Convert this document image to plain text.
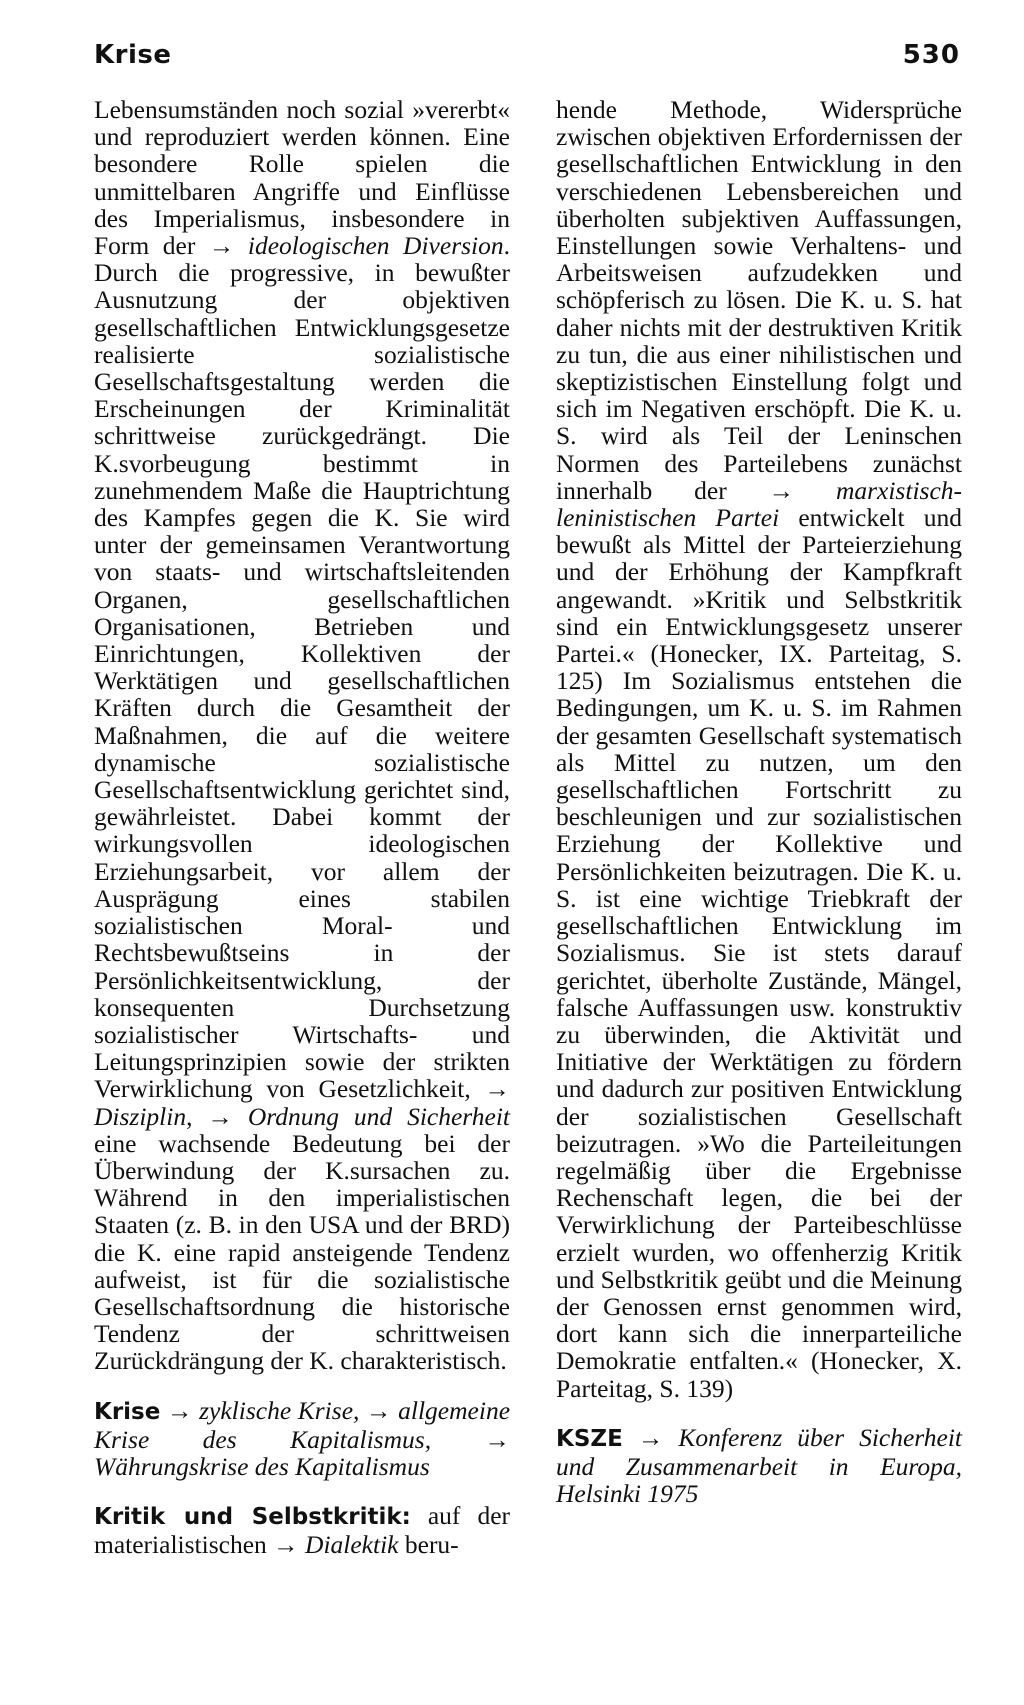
Krise	530

Lebensumständen noch sozial »vererbt« und reproduziert werden können. Eine besondere Rolle spielen die unmittelbaren Angriffe und Einflüsse des Imperialismus, insbesondere in Form der → ideologischen Diversion. Durch die progressive, in bewußter Ausnutzung der objektiven gesellschaftlichen Entwicklungsgesetze realisierte sozialistische Gesellschaftsgestaltung werden die Erscheinungen der Kriminalität schrittweise zurückgedrängt. Die K.svorbeugung bestimmt in zunehmendem Maße die Hauptrichtung des Kampfes gegen die K. Sie wird unter der gemeinsamen Verantwortung von staats- und wirtschaftsleitenden Organen, gesellschaftlichen Organisationen, Betrieben und Einrichtungen, Kollektiven der Werktätigen und gesellschaftlichen Kräften durch die Gesamtheit der Maßnahmen, die auf die weitere dynamische sozialistische Gesellschaftsentwicklung gerichtet sind, gewährleistet. Dabei kommt der wirkungsvollen ideologischen Erziehungsarbeit, vor allem der Ausprägung eines stabilen sozialistischen Moral- und Rechtsbewußtseins in der Persönlichkeitsentwicklung, der konsequenten Durchsetzung sozialistischer Wirtschafts- und Leitungsprinzipien sowie der strikten Verwirklichung von Gesetzlichkeit, → Disziplin, → Ordnung und Sicherheit eine wachsende Bedeutung bei der Überwindung der K.sursachen zu. Während in den imperialistischen Staaten (z. B. in den USA und der BRD) die K. eine rapid ansteigende Tendenz aufweist, ist für die sozialistische Gesellschaftsordnung die historische Tendenz der schrittweisen Zurückdrängung der K. charakteristisch.

Krise → zyklische Krise, → allgemeine Krise des Kapitalismus, → Währungskrise des Kapitalismus

Kritik und Selbstkritik: auf der materialistischen → Dialektik beru-

hende Methode, Widersprüche zwischen objektiven Erfordernissen der gesellschaftlichen Entwicklung in den verschiedenen Lebensbereichen und überholten subjektiven Auffassungen, Einstellungen sowie Verhaltens- und Arbeitsweisen aufzudekken und schöpferisch zu lösen. Die K. u. S. hat daher nichts mit der destruktiven Kritik zu tun, die aus einer nihilistischen und skeptizistischen Einstellung folgt und sich im Negativen erschöpft. Die K. u. S. wird als Teil der Leninschen Normen des Parteilebens zunächst innerhalb der → marxistisch-leninistischen Partei entwickelt und bewußt als Mittel der Parteierziehung und der Erhöhung der Kampfkraft angewandt. »Kritik und Selbstkritik sind ein Entwicklungsgesetz unserer Partei.« (Honecker, IX. Parteitag, S. 125) Im Sozialismus entstehen die Bedingungen, um K. u. S. im Rahmen der gesamten Gesellschaft systematisch als Mittel zu nutzen, um den gesellschaftlichen Fortschritt zu beschleunigen und zur sozialistischen Erziehung der Kollektive und Persönlichkeiten beizutragen. Die K. u. S. ist eine wichtige Triebkraft der gesellschaftlichen Entwicklung im Sozialismus. Sie ist stets darauf gerichtet, überholte Zustände, Mängel, falsche Auffassungen usw. konstruktiv zu überwinden, die Aktivität und Initiative der Werktätigen zu fördern und dadurch zur positiven Entwicklung der sozialistischen Gesellschaft beizutragen. »Wo die Parteileitungen regelmäßig über die Ergebnisse Rechenschaft legen, die bei der Verwirklichung der Parteibeschlüsse erzielt wurden, wo offenherzig Kritik und Selbstkritik geübt und die Meinung der Genossen ernst genommen wird, dort kann sich die innerparteiliche Demokratie entfalten.« (Honecker, X. Parteitag, S. 139)

KSZE → Konferenz über Sicherheit und Zusammenarbeit in Europa, Helsinki 1975
